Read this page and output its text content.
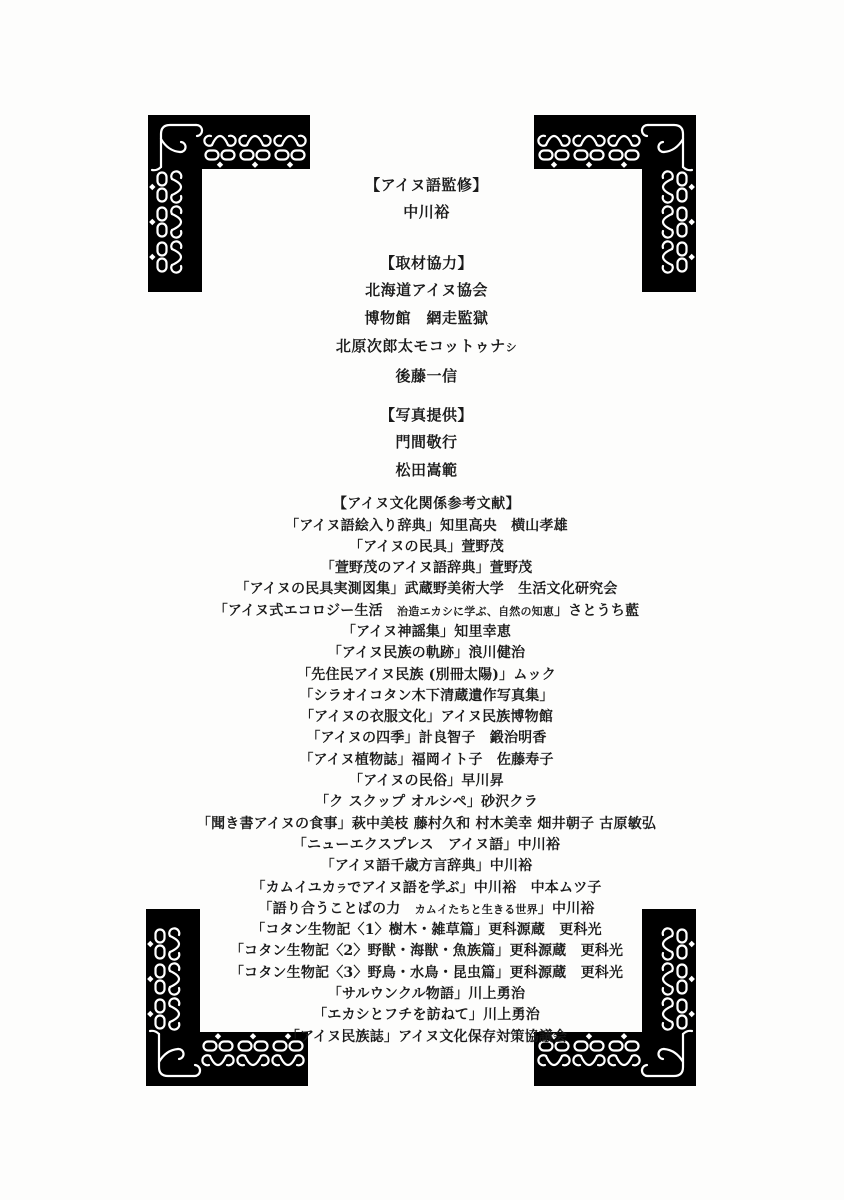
【アイヌ語監修】
中川裕
【取材協力】
北海道アイヌ協会
博物館　網走監獄
北原次郎太モコットゥナシ
後藤一信
【写真提供】
門間敬行
松田嵩範
【アイヌ文化関係参考文献】
「アイヌ語絵入り辞典」知里高央　横山孝雄
「アイヌの民具」萱野茂
「萱野茂のアイヌ語辞典」萱野茂
「アイヌの民具実測図集」武蔵野美術大学　生活文化研究会
「アイヌ式エコロジー生活　治造エカシに学ぶ、自然の知恵」さとうち藍
「アイヌ神謡集」知里幸恵
「アイヌ民族の軌跡」浪川健治
「先住民アイヌ民族 (別冊太陽)」ムック
「シラオイコタン木下清蔵遺作写真集」
「アイヌの衣服文化」アイヌ民族博物館
「アイヌの四季」計良智子　鍛治明香
「アイヌ植物誌」福岡イト子　佐藤寿子
「アイヌの民俗」早川昇
「ク スクップ オルシペ」砂沢クラ
「聞き書アイヌの食事」萩中美枝 藤村久和 村木美幸 畑井朝子 古原敏弘
「ニューエクスプレス　アイヌ語」中川裕
「アイヌ語千歳方言辞典」中川裕
「カムイユカラでアイヌ語を学ぶ」中川裕　中本ムツ子
「語り合うことばの力　カムイたちと生きる世界」中川裕
「コタン生物記〈1〉樹木・雑草篇」更科源蔵　更科光
「コタン生物記〈2〉野獣・海獣・魚族篇」更科源蔵　更科光
「コタン生物記〈3〉野鳥・水鳥・昆虫篇」更科源蔵　更科光
「サルウンクル物語」川上勇治
「エカシとフチを訪ねて」川上勇治
「アイヌ民族誌」アイヌ文化保存対策協議会
